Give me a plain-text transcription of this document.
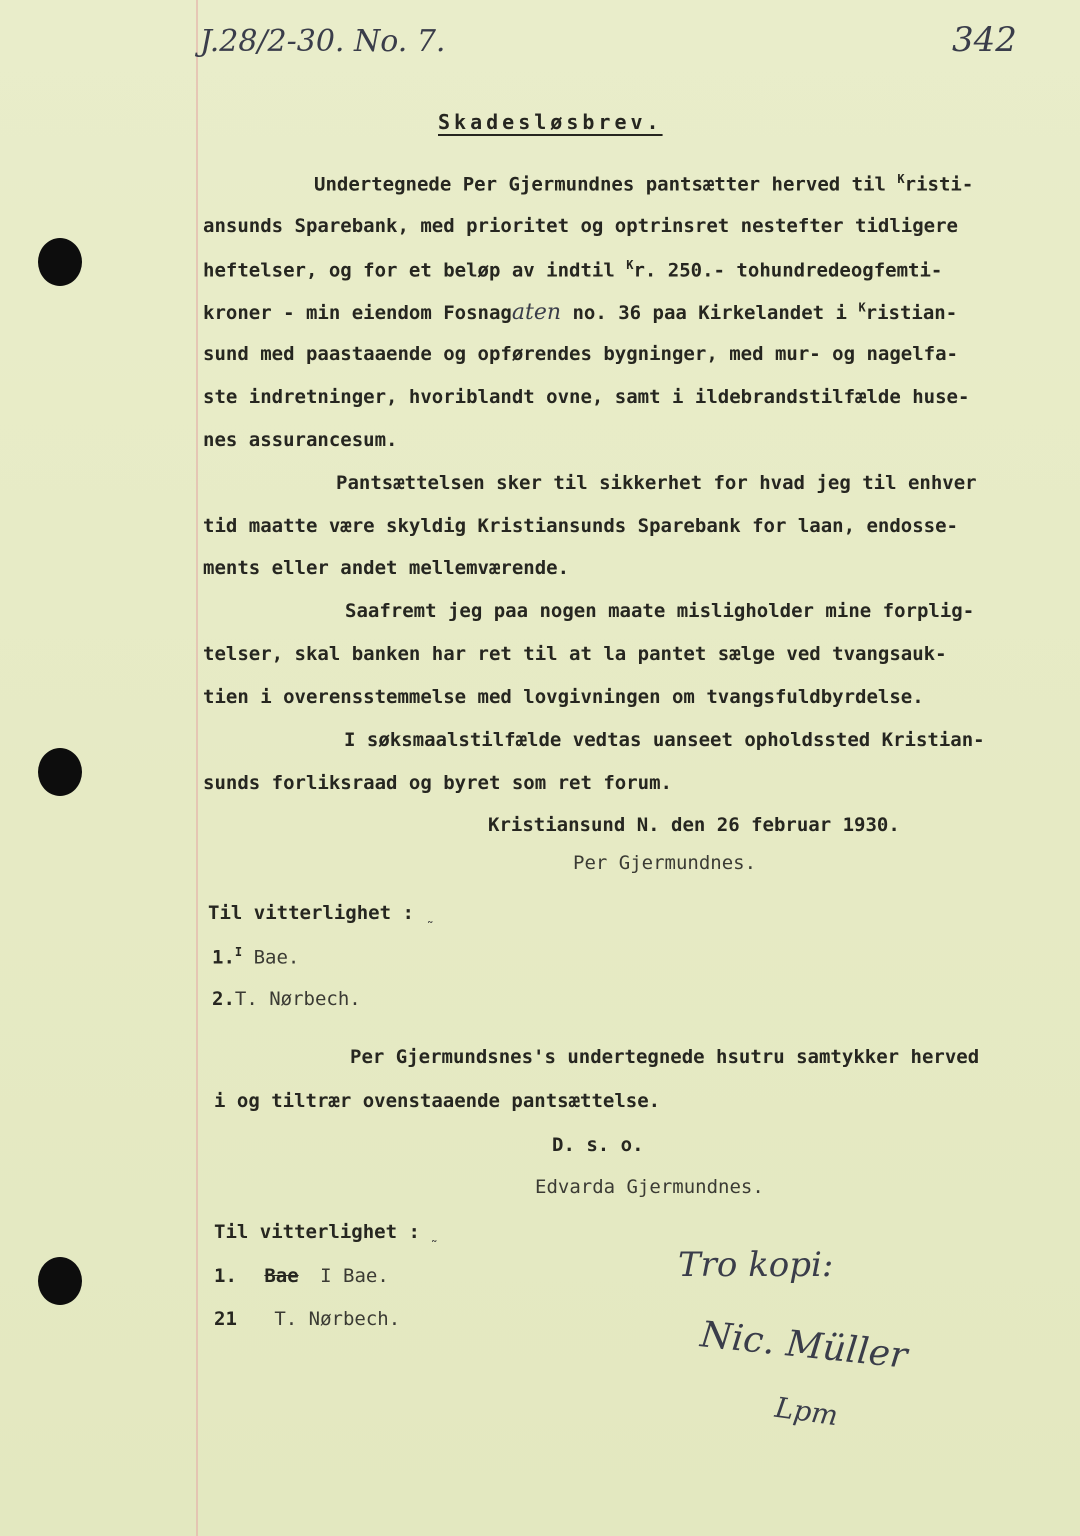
J.28/2-30. No. 7.	342
Skadesløsbrev.
Undertegnede Per Gjermundnes pantsætter herved til $^K$risti-
ansunds Sparebank, med prioritet og optrinsret nestefter tidligere
heftelser, og for et beløp av indtil $^K$r. 250.- tohundredeogfemti-
kroner - min eiendom Fosnagaten no. 36 paa Kirkelandet i $^K$ristian-
sund med paastaaende og opførendes bygninger, med mur- og nagelfa-
ste indretninger, hvoriblandt ovne, samt i ildebrandstilfælde huse-
nes assurancesum.
Pantsættelsen sker til sikkerhet for hvad jeg til enhver
tid maatte være skyldig Kristiansunds Sparebank for laan, endosse-
ments eller andet mellemværende.
Saafremt jeg paa nogen maate misligholder mine forplig-
telser, skal banken har ret til at la pantet sælge ved tvangsauk-
tien i overensstemmelse med lovgivningen om tvangsfuldbyrdelse.
I søksmaalstilfælde vedtas uanseet opholdssted Kristian-
sunds forliksraad og byret som ret forum.
Kristiansund N. den 26 februar 1930.
Per Gjermundnes.
Til vitterlighet :
˜
1.$^I$ Bae.
2.T. Nørbech.
Per Gjermundsnes's undertegnede hsutru samtykker herved
i og tiltrær ovenstaaende pantsættelse.
D. s. o.
Edvarda Gjermundnes.
Til vitterlighet :
˜
1. Bae I Bae.
21 T. Nørbech.
Tro kopi:
Nic. Müller
Lpm
